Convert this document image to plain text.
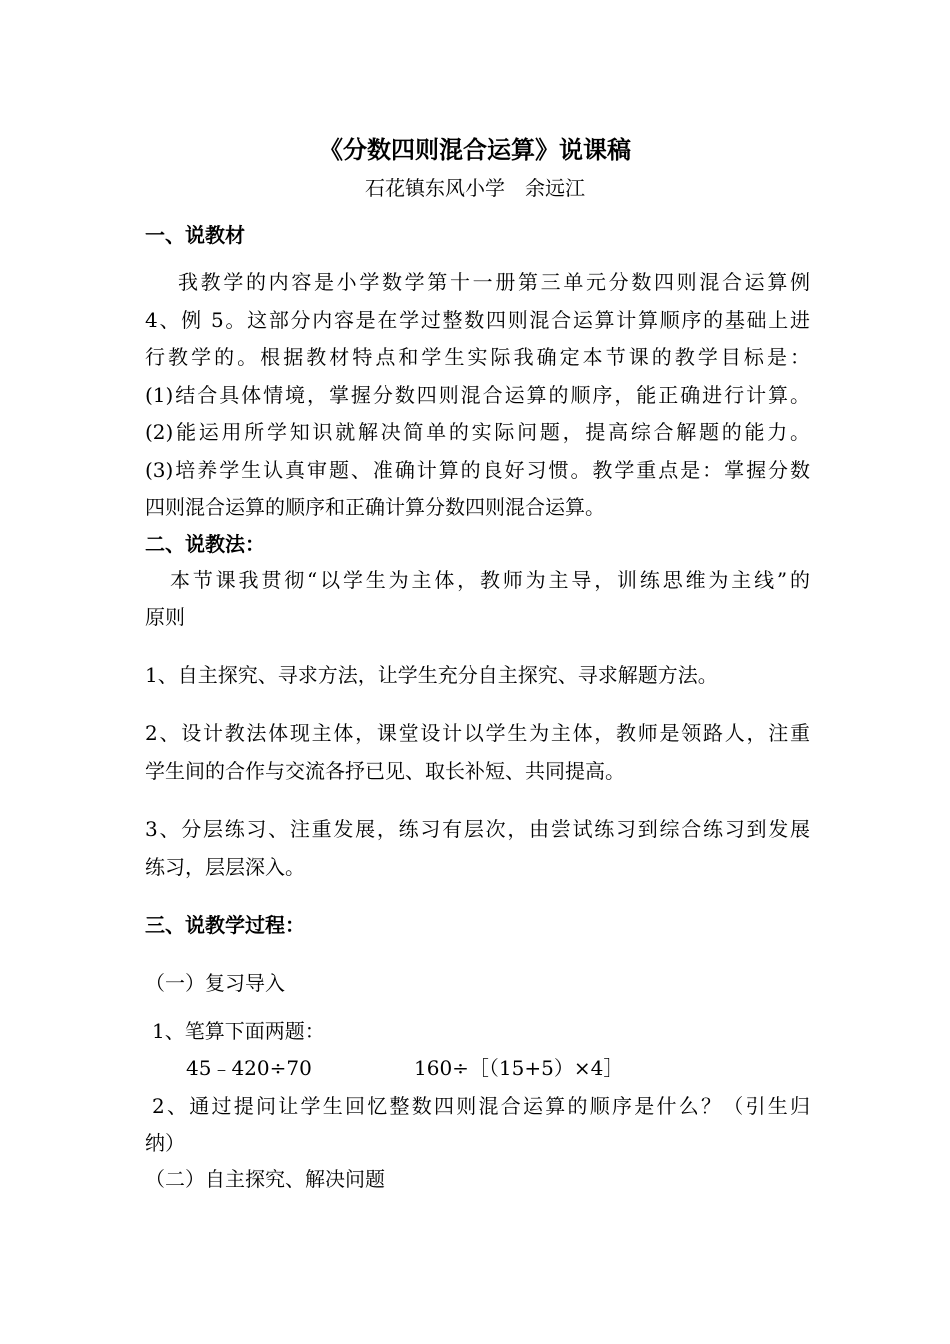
《分数四则混合运算》说课稿
石花镇东风小学　余远江
一、说教材
我教学的内容是小学数学第十一册第三单元分数四则混合运算例
4、例 5。这部分内容是在学过整数四则混合运算计算顺序的基础上进
行教学的。根据教材特点和学生实际我确定本节课的教学目标是：
(1)结合具体情境，掌握分数四则混合运算的顺序，能正确进行计算。
(2)能运用所学知识就解决简单的实际问题，提高综合解题的能力。
(3)培养学生认真审题、准确计算的良好习惯。教学重点是：掌握分数
四则混合运算的顺序和正确计算分数四则混合运算。
二、说教法：
本节课我贯彻“以学生为主体，教师为主导，训练思维为主线”的
原则
1、自主探究、寻求方法，让学生充分自主探究、寻求解题方法。
2、设计教法体现主体，课堂设计以学生为主体，教师是领路人，注重
学生间的合作与交流各抒已见、取长补短、共同提高。
3、分层练习、注重发展，练习有层次，由尝试练习到综合练习到发展
练习，层层深入。
三、说教学过程：
（一）复习导入
1、笔算下面两题：
45﹣420÷70	160÷［（15+5）×4］
2、通过提问让学生回忆整数四则混合运算的顺序是什么？（引生归
纳）
（二）自主探究、解决问题
